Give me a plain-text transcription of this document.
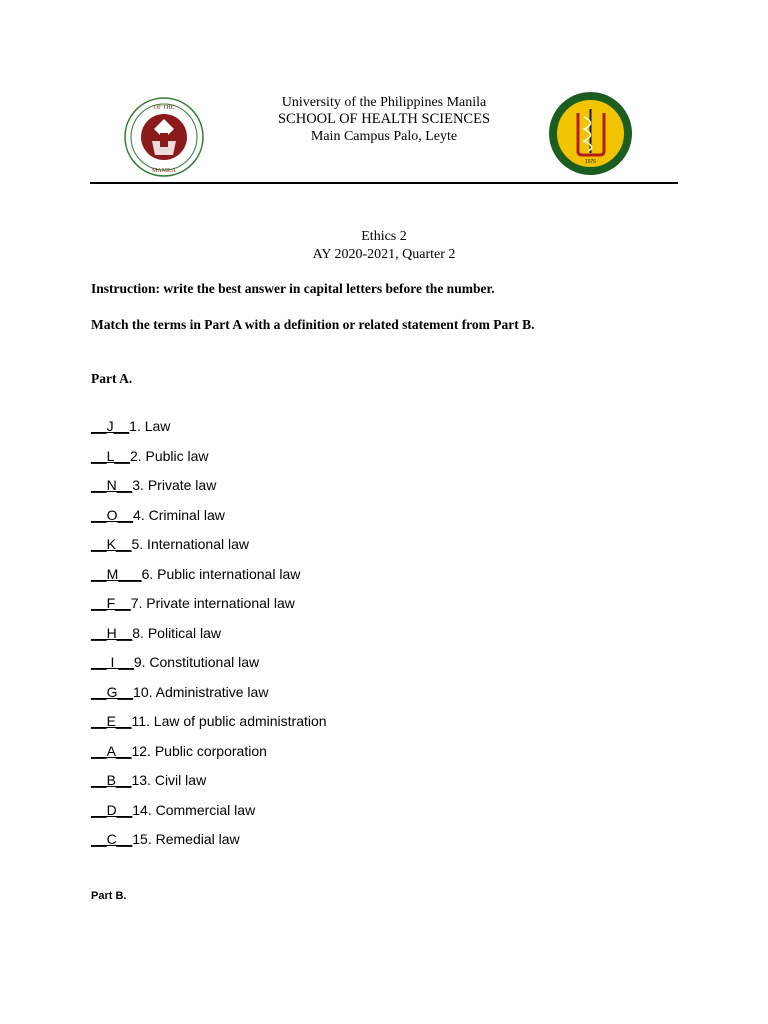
OF THE
MANILA
University of the Philippines Manila
SCHOOL OF HEALTH SCIENCES
Main Campus Palo, Leyte
1976
Ethics 2
AY 2020-2021, Quarter 2
Instruction: write the best answer in capital letters before the number.
Match the terms in Part A with a definition or related statement from Part B.
Part A.
__J__1. Law
__L__2. Public law
__N__3. Private law
__O__4. Criminal law
__K__5. International law
__M___6. Public international law
__F__7. Private international law
__H__8. Political law
__ I __9. Constitutional law
__G__10. Administrative law
__E__11. Law of public administration
__A__12. Public corporation
__B__13. Civil law
__D__14. Commercial law
__C__15. Remedial law
Part B.
